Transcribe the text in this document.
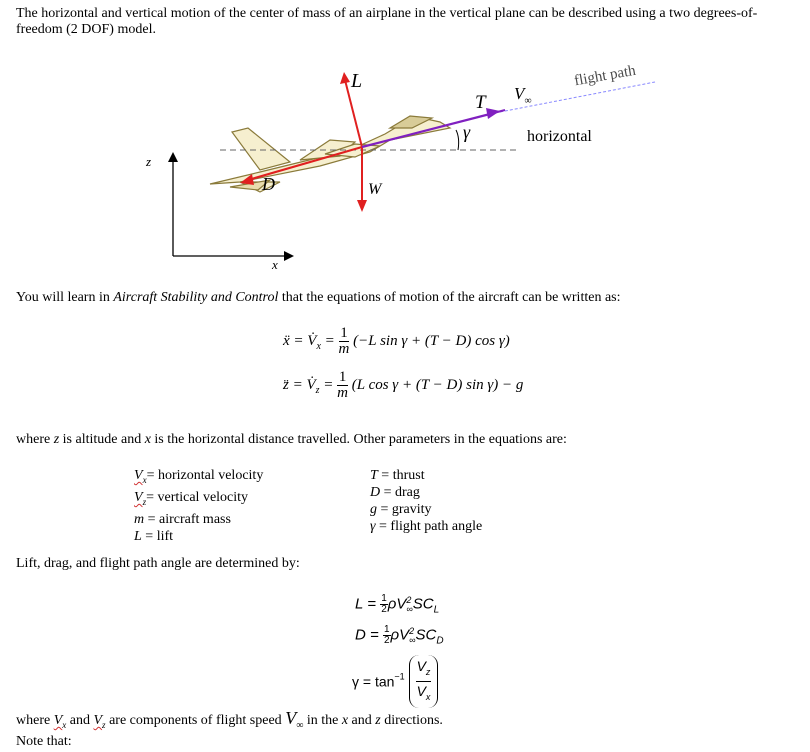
The horizontal and vertical motion of the center of mass of an airplane in the vertical plane can be described using a two degrees-of-freedom (2 DOF) model.

L
T $V_\infty$
flight path
horizontal
γ
D	W
z
x

You will learn in Aircraft Stability and Control that the equations of motion of the aircraft can be written as:

ẍ = $V̇_x = \frac{1}{m} (-L$ sin γ + (T − D) cos γ)
z̈ = $V̇_z = \frac{1}{m} (L$ cos γ + (T − D) sin γ) − g

where z is altitude and x is the horizontal distance travelled. Other parameters in the equations are:

$V_x=$ horizontal velocity
$V_z=$ vertical velocity
m = aircraft mass
L = lift
T = thrust
D = drag
g = gravity
γ = flight path angle

Lift, drag, and flight path angle are determined by:

$L = \frac{1}{2}$ ρV 2
∞ $SC_L$
$D = \frac{1}{2}$ ρV 2
∞ $SC_D$
$\gamma = \tan^{-1} \frac{V_z}{V_x}$

where $V_x$ and $V_z$ are components of flight speed $V_\infty$ in the x and z directions.

Note that:
